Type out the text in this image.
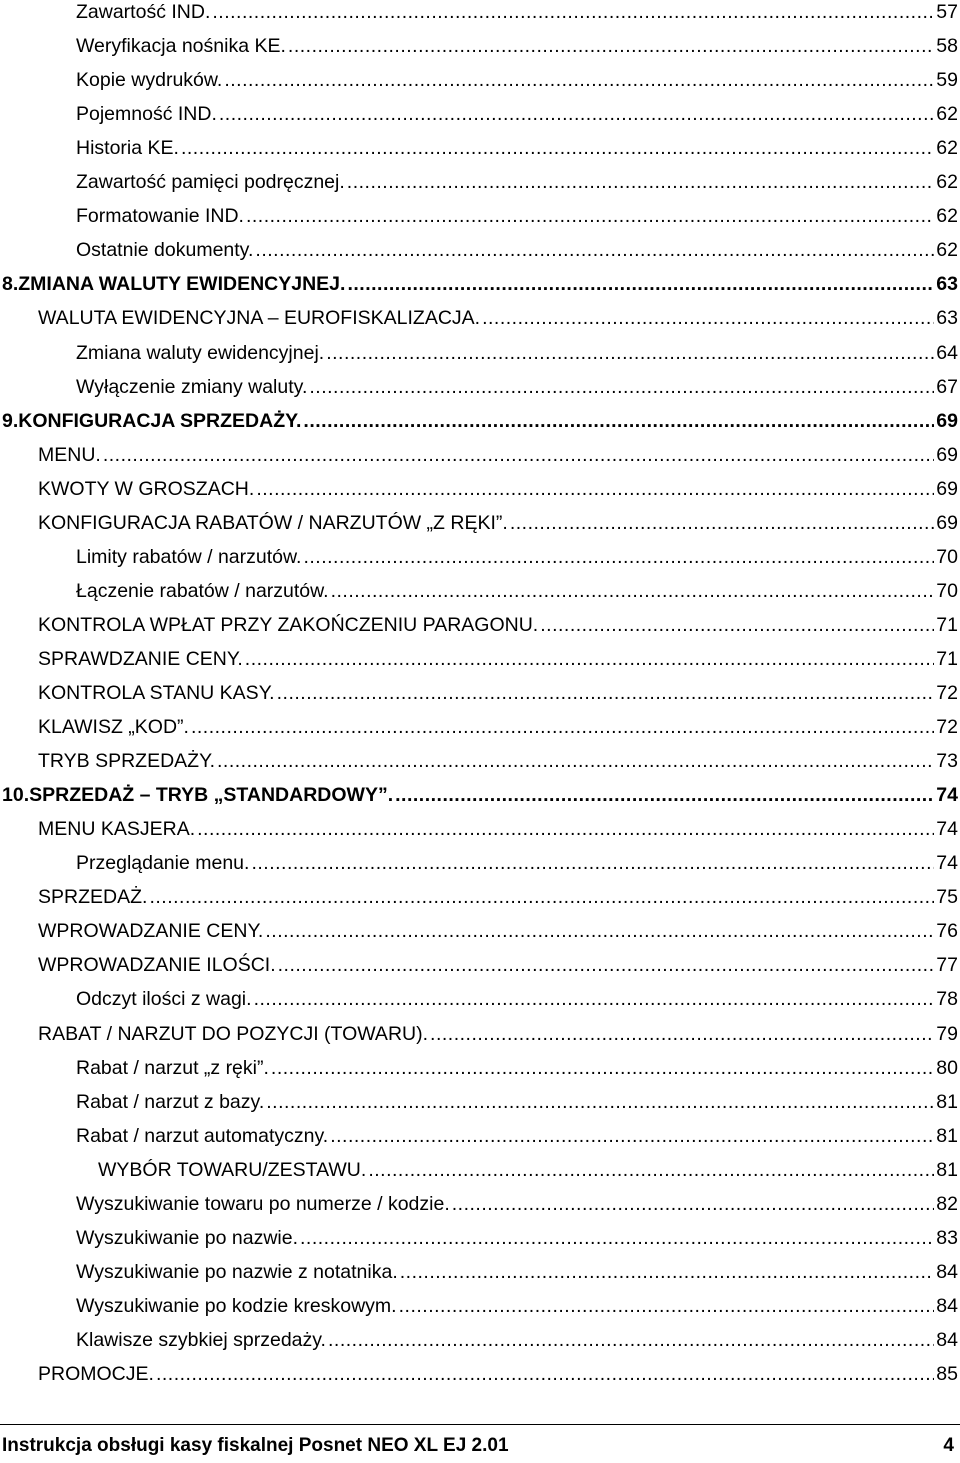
Zawartość IND. .....	57
Weryfikacja nośnika KE. .....	58
Kopie wydruków. .....	59
Pojemność IND. .....	62
Historia KE. .....	62
Zawartość pamięci podręcznej. .....	62
Formatowanie IND. .....	62
Ostatnie dokumenty. .....	62
8.ZMIANA WALUTY EWIDENCYJNEJ. .....	63
WALUTA EWIDENCYJNA – EUROFISKALIZACJA. .....	63
Zmiana waluty ewidencyjnej. .....	64
Wyłączenie zmiany waluty. .....	67
9.KONFIGURACJA SPRZEDAŻY. .....	69
MENU. .....	69
KWOTY W GROSZACH. .....	69
KONFIGURACJA RABATÓW / NARZUTÓW „Z RĘKI”. .....	69
Limity rabatów / narzutów. .....	70
Łączenie rabatów / narzutów. .....	70
KONTROLA WPŁAT PRZY ZAKOŃCZENIU PARAGONU. .....	71
SPRAWDZANIE CENY. .....	71
KONTROLA STANU KASY. .....	72
KLAWISZ „KOD”. .....	72
TRYB SPRZEDAŻY. .....	73
10.SPRZEDAŻ – TRYB „STANDARDOWY”. .....	74
MENU KASJERA. .....	74
Przeglądanie menu. .....	74
SPRZEDAŻ. .....	75
WPROWADZANIE CENY. .....	76
WPROWADZANIE ILOŚCI. .....	77
Odczyt ilości z wagi. .....	78
RABAT / NARZUT DO POZYCJI (TOWARU). .....	79
Rabat / narzut „z ręki”. .....	80
Rabat / narzut z bazy. .....	81
Rabat / narzut automatyczny. .....	81
WYBÓR TOWARU/ZESTAWU. .....	81
Wyszukiwanie towaru po numerze / kodzie. .....	82
Wyszukiwanie po nazwie. .....	83
Wyszukiwanie po nazwie z notatnika. .....	84
Wyszukiwanie po kodzie kreskowym. .....	84
Klawisze szybkiej sprzedaży. .....	84
PROMOCJE. .....	85
Instrukcja obsługi kasy fiskalnej Posnet NEO XL EJ 2.01	4
